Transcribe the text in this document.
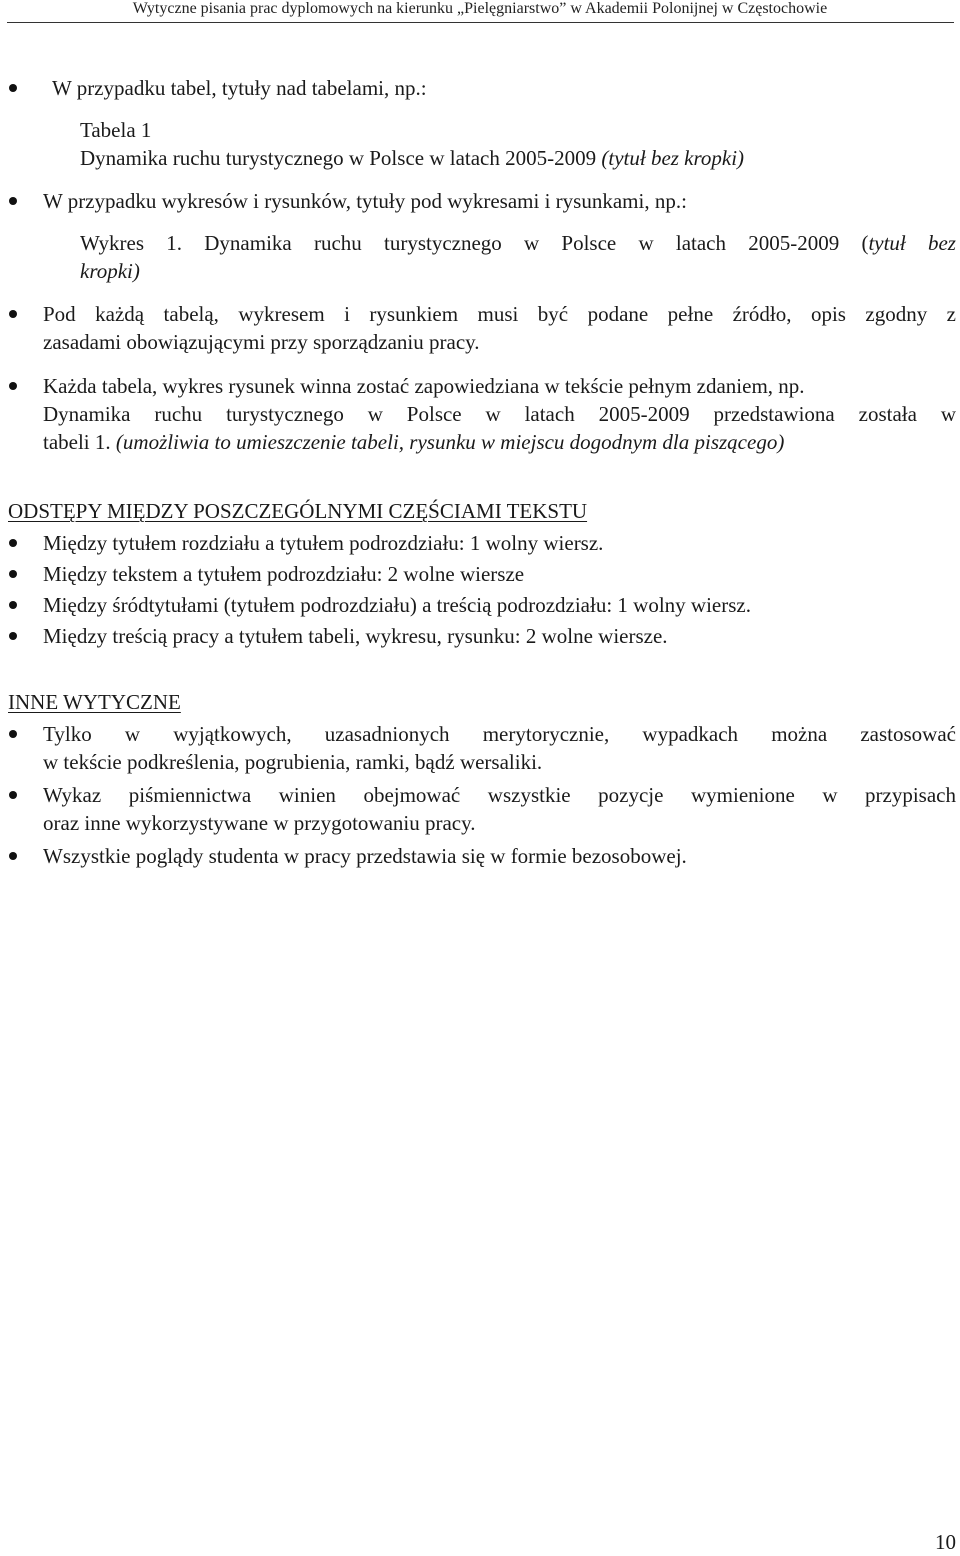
Wytyczne pisania prac dyplomowych na kierunku „Pielęgniarstwo” w Akademii Polonijnej w Częstochowie
W przypadku tabel, tytuły nad tabelami, np.:
Tabela 1
Dynamika ruchu turystycznego w Polsce w latach 2005-2009 (tytuł bez kropki)
W przypadku wykresów i rysunków, tytuły pod wykresami i rysunkami, np.:
Wykres 1. Dynamika ruchu turystycznego w Polsce w latach 2005-2009 (tytuł bez
kropki)
Pod każdą tabelą, wykresem i rysunkiem musi być podane pełne źródło, opis zgodny z
zasadami obowiązującymi przy sporządzaniu pracy.
Każda tabela, wykres rysunek winna zostać zapowiedziana w tekście pełnym zdaniem, np.
Dynamika ruchu turystycznego w Polsce w latach 2005-2009 przedstawiona została w
tabeli 1. (umożliwia to umieszczenie tabeli, rysunku w miejscu dogodnym dla piszącego)
ODSTĘPY MIĘDZY POSZCZEGÓLNYMI CZĘŚCIAMI TEKSTU
Między tytułem rozdziału a tytułem podrozdziału: 1 wolny wiersz.
Między tekstem a tytułem podrozdziału: 2 wolne wiersze
Między śródtytułami (tytułem podrozdziału) a treścią podrozdziału: 1 wolny wiersz.
Między treścią pracy a tytułem tabeli, wykresu, rysunku: 2 wolne wiersze.
INNE WYTYCZNE
Tylko w wyjątkowych, uzasadnionych merytorycznie, wypadkach można zastosować
w tekście podkreślenia, pogrubienia, ramki, bądź wersaliki.
Wykaz piśmiennictwa winien obejmować wszystkie pozycje wymienione w przypisach
oraz inne wykorzystywane w przygotowaniu pracy.
Wszystkie poglądy studenta w pracy przedstawia się w formie bezosobowej.
10
